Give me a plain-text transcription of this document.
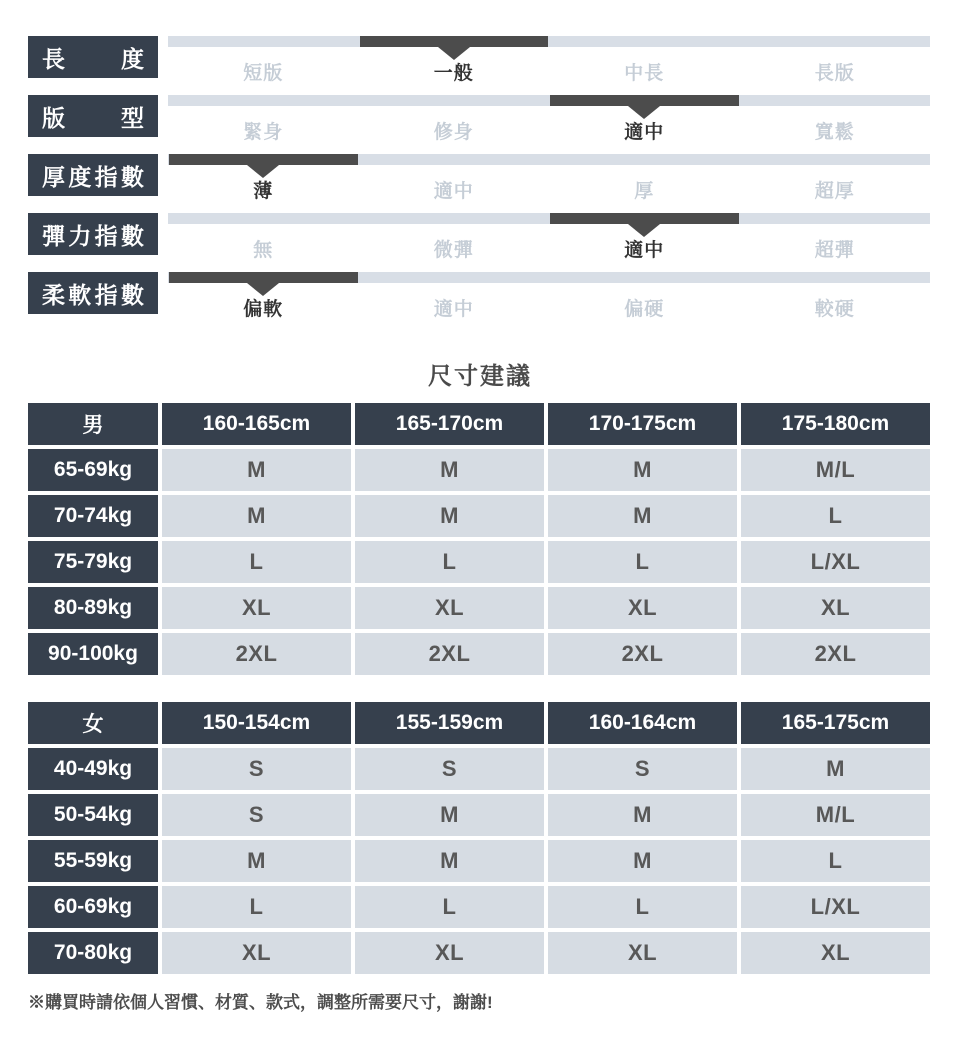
長 度
短版	一般	中長	長版
版 型
緊身	修身	適中	寬鬆
厚 度 指 數
薄	適中	厚	超厚
彈 力 指 數
無	微彈	適中	超彈
柔 軟 指 數
偏軟	適中	偏硬	較硬
尺寸建議
男	160-165cm	165-170cm	170-175cm	175-180cm
65-69kg	M	M	M	M/L
70-74kg	M	M	M	L
75-79kg	L	L	L	L/XL
80-89kg	XL	XL	XL	XL
90-100kg	2XL	2XL	2XL	2XL
女	150-154cm	155-159cm	160-164cm	165-175cm
40-49kg	S	S	S	M
50-54kg	S	M	M	M/L
55-59kg	M	M	M	L
60-69kg	L	L	L	L/XL
70-80kg	XL	XL	XL	XL
※購買時請依個人習慣、材質、款式，調整所需要尺寸，謝謝!
